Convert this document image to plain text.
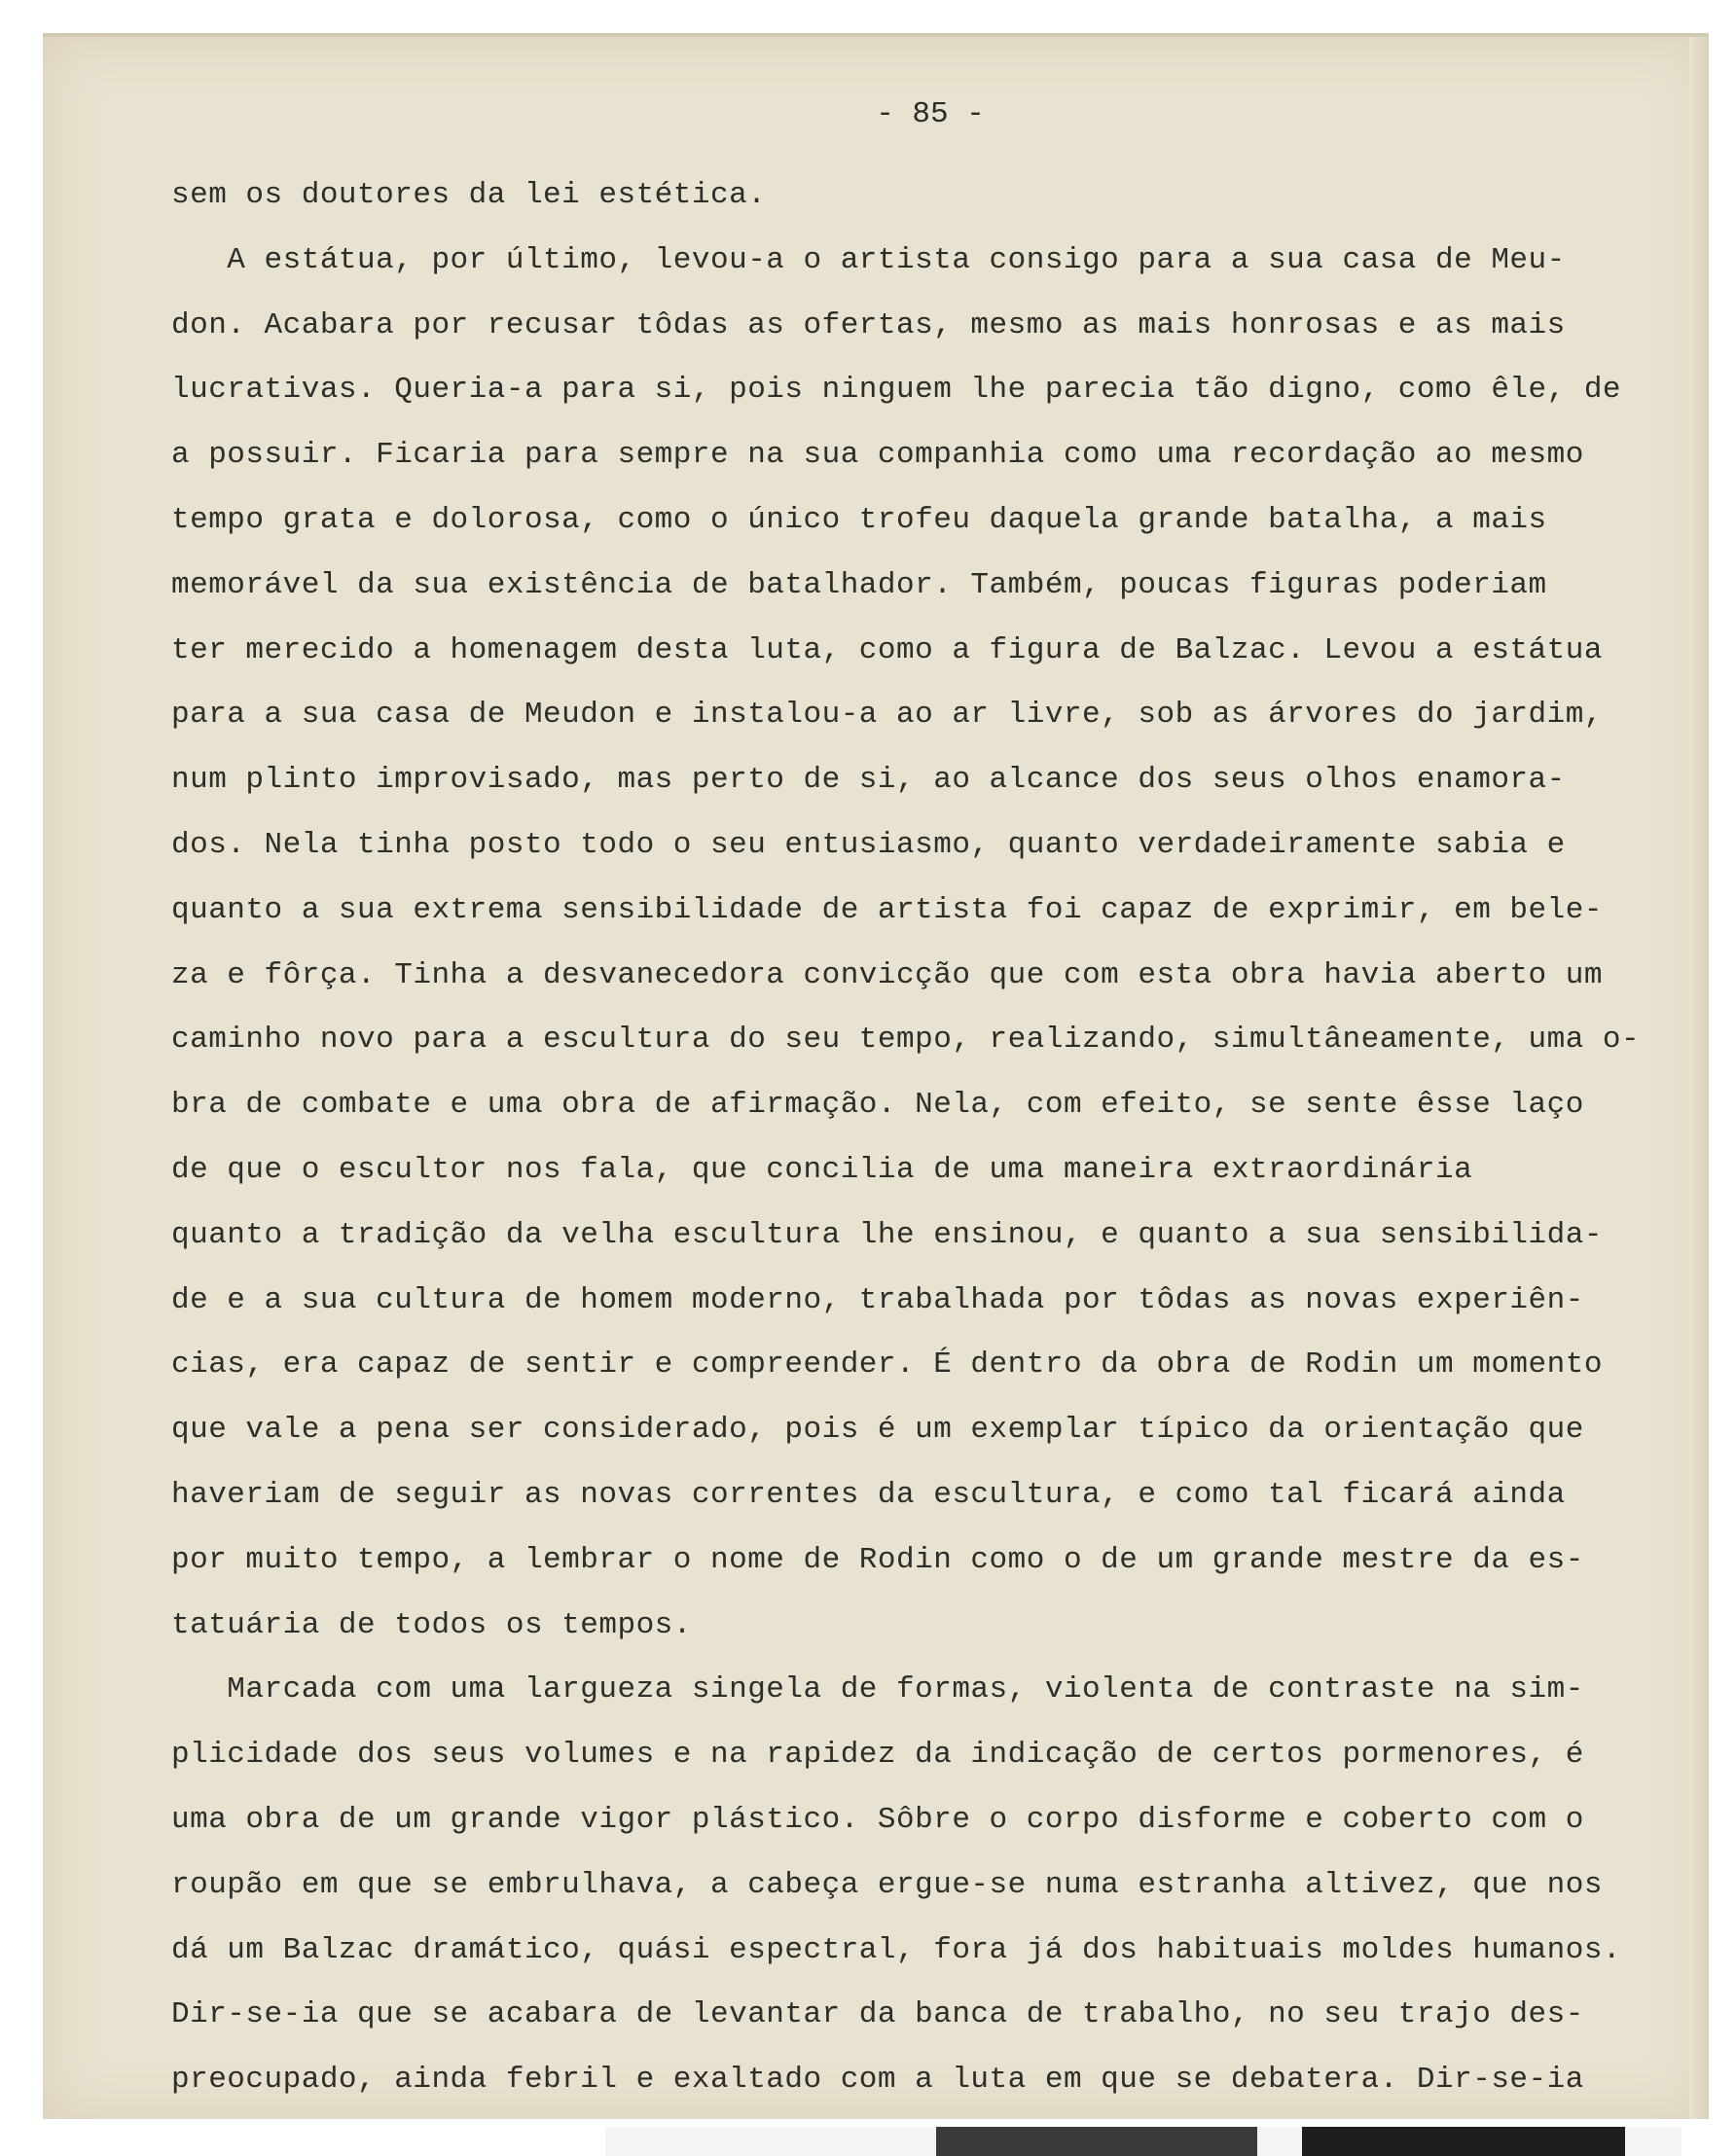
- 85 -
sem os doutores da lei estética.
A estátua, por último, levou-a o artista consigo para a sua casa de Meu-
don. Acabara por recusar tôdas as ofertas, mesmo as mais honrosas e as mais
lucrativas. Queria-a para si, pois ninguem lhe parecia tão digno, como êle, de
a possuir. Ficaria para sempre na sua companhia como uma recordação ao mesmo
tempo grata e dolorosa, como o único trofeu daquela grande batalha, a mais
memorável da sua existência de batalhador. Também, poucas figuras poderiam
ter merecido a homenagem desta luta, como a figura de Balzac. Levou a estátua
para a sua casa de Meudon e instalou-a ao ar livre, sob as árvores do jardim,
num plinto improvisado, mas perto de si, ao alcance dos seus olhos enamora-
dos. Nela tinha posto todo o seu entusiasmo, quanto verdadeiramente sabia e
quanto a sua extrema sensibilidade de artista foi capaz de exprimir, em bele-
za e fôrça. Tinha a desvanecedora convicção que com esta obra havia aberto um
caminho novo para a escultura do seu tempo, realizando, simultâneamente, uma o-
bra de combate e uma obra de afirmação. Nela, com efeito, se sente êsse laço
de que o escultor nos fala, que concilia de uma maneira extraordinária
quanto a tradição da velha escultura lhe ensinou, e quanto a sua sensibilida-
de e a sua cultura de homem moderno, trabalhada por tôdas as novas experiên-
cias, era capaz de sentir e compreender. É dentro da obra de Rodin um momento
que vale a pena ser considerado, pois é um exemplar típico da orientação que
haveriam de seguir as novas correntes da escultura, e como tal ficará ainda
por muito tempo, a lembrar o nome de Rodin como o de um grande mestre da es-
tatuária de todos os tempos.
Marcada com uma largueza singela de formas, violenta de contraste na sim-
plicidade dos seus volumes e na rapidez da indicação de certos pormenores, é
uma obra de um grande vigor plástico. Sôbre o corpo disforme e coberto com o
roupão em que se embrulhava, a cabeça ergue-se numa estranha altivez, que nos
dá um Balzac dramático, quási espectral, fora já dos habituais moldes humanos.
Dir-se-ia que se acabara de levantar da banca de trabalho, no seu trajo des-
preocupado, ainda febril e exaltado com a luta em que se debatera. Dir-se-ia
